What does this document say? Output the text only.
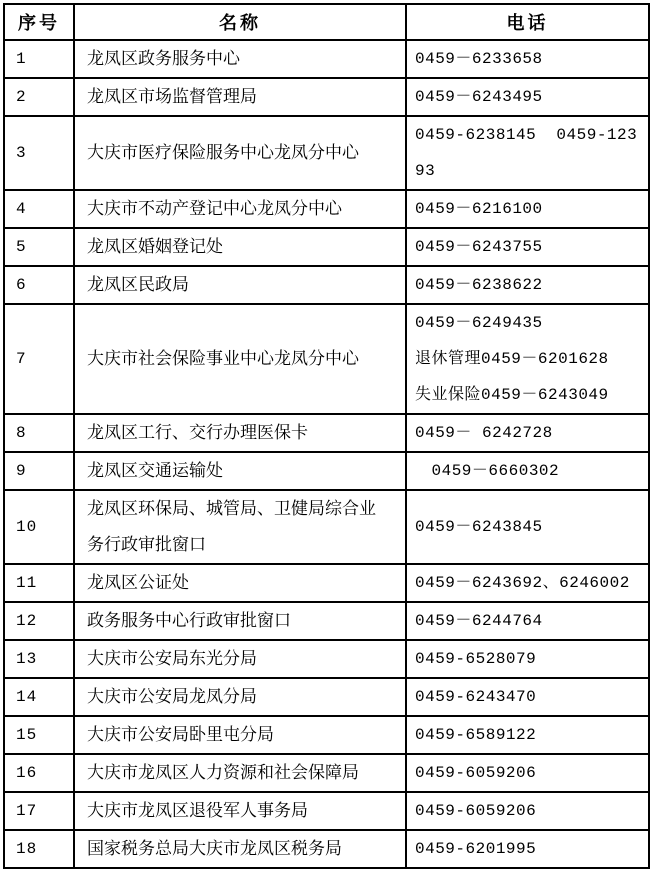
序号	名称	电话

1	龙凤区政务服务中心	0459－6233658

2	龙凤区市场监督管理局	0459－6243495

3	大庆市医疗保险服务中心龙凤分中心	0459-6238145  0459-123
93

4	大庆市不动产登记中心龙凤分中心	0459－6216100

5	龙凤区婚姻登记处	0459－6243755

6	龙凤区民政局	0459－6238622

7	大庆市社会保险事业中心龙凤分中心	0459－6249435
退休管理0459－6201628
失业保险0459－6243049

8	龙凤区工行、交行办理医保卡	0459－ 6242728

9	龙凤区交通运输处	　0459－6660302

10	龙凤区环保局、城管局、卫健局综合业
务行政审批窗口	0459－6243845

11	龙凤区公证处	0459－6243692、6246002

12	政务服务中心行政审批窗口	0459－6244764

13	大庆市公安局东光分局	0459-6528079

14	大庆市公安局龙凤分局	0459-6243470

15	大庆市公安局卧里屯分局	0459-6589122

16	大庆市龙凤区人力资源和社会保障局	0459-6059206

17	大庆市龙凤区退役军人事务局	0459-6059206

18	国家税务总局大庆市龙凤区税务局	0459-6201995
